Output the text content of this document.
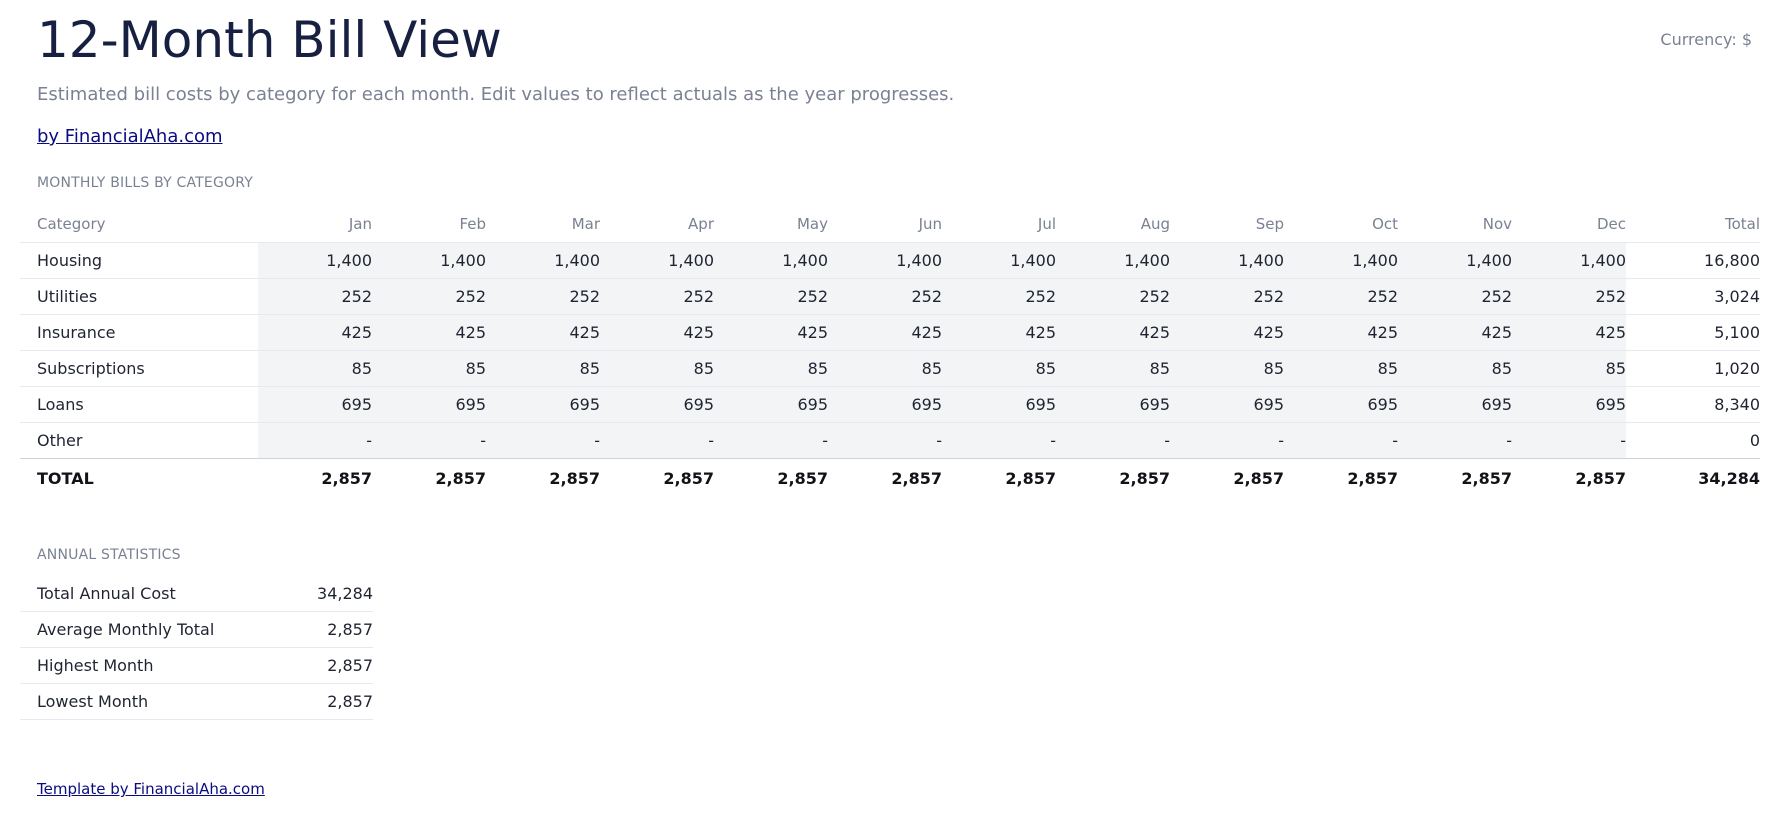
12-Month Bill View	Currency: $
Estimated bill costs by category for each month. Edit values to reflect actuals as the year progresses.
by FinancialAha.com
MONTHLY BILLS BY CATEGORY
Category	Jan	Feb	Mar	Apr	May	Jun	Jul	Aug	Sep	Oct	Nov	Dec	Total
Housing	1,400	1,400	1,400	1,400	1,400	1,400	1,400	1,400	1,400	1,400	1,400	1,400	16,800
Utilities	252	252	252	252	252	252	252	252	252	252	252	252	3,024
Insurance	425	425	425	425	425	425	425	425	425	425	425	425	5,100
Subscriptions	85	85	85	85	85	85	85	85	85	85	85	85	1,020
Loans	695	695	695	695	695	695	695	695	695	695	695	695	8,340
Other	-	-	-	-	-	-	-	-	-	-	-	-	0
TOTAL	2,857	2,857	2,857	2,857	2,857	2,857	2,857	2,857	2,857	2,857	2,857	2,857	34,284
ANNUAL STATISTICS
Total Annual Cost	34,284
Average Monthly Total	2,857
Highest Month	2,857
Lowest Month	2,857
Template by FinancialAha.com
